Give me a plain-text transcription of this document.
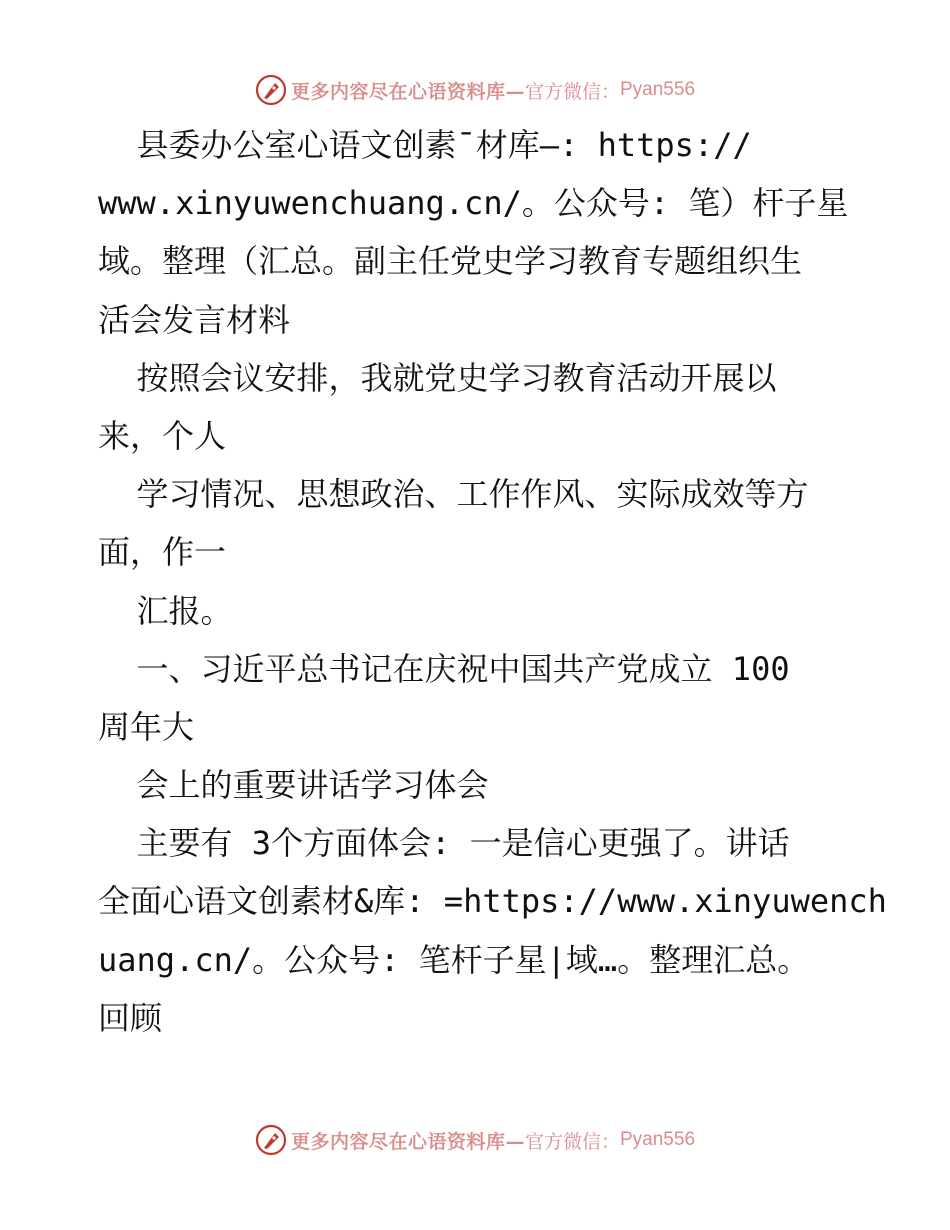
更多内容尽在心语资料库— 官方微信： Pyan556
县委办公室心语文创素¯材库—: https://
www.xinyuwenchuang.cn/。公众号: 笔）杆子星
域。整理（汇总。副主任党史学习教育专题组织生
活会发言材料
按照会议安排，我就党史学习教育活动开展以
来，个人
学习情况、思想政治、工作作风、实际成效等方
面，作一
汇报。
一、习近平总书记在庆祝中国共产党成立 100
周年大
会上的重要讲话学习体会
主要有 3个方面体会: 一是信心更强了。讲话
全面心语文创素材&库: =https://www.xinyuwench
uang.cn/。公众号: 笔杆子星|域…。整理汇总。
回顾
更多内容尽在心语资料库— 官方微信： Pyan556
